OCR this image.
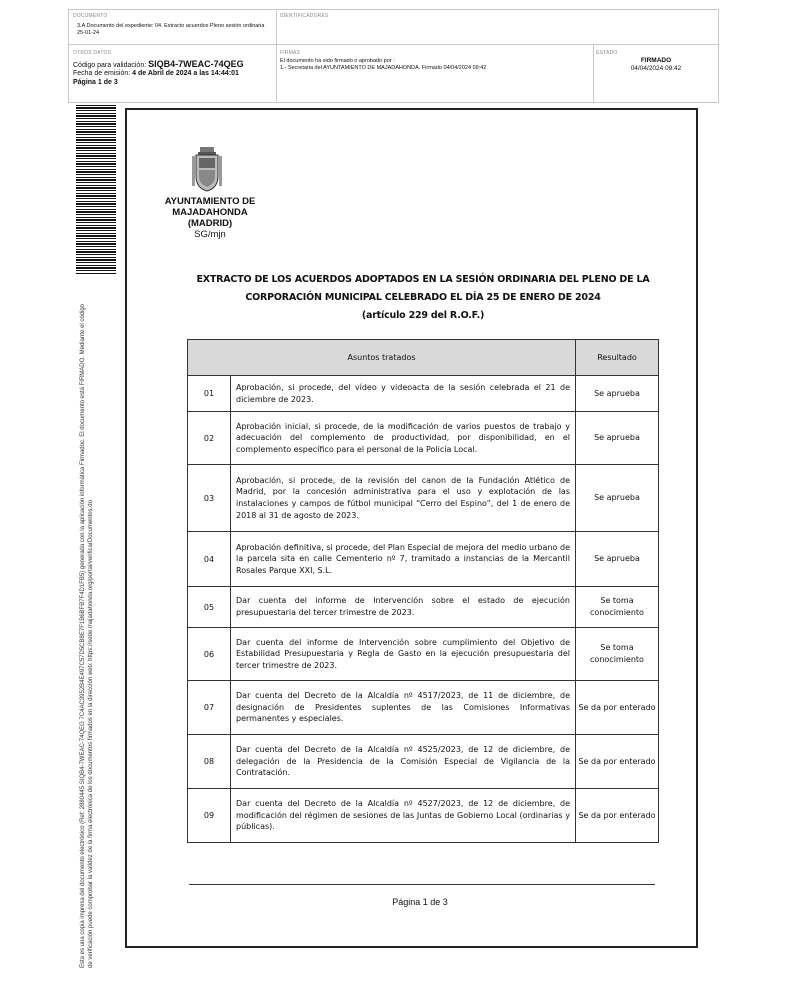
DOCUMENTO
3.A Documento del expediente: 04. Extracto acuerdos Pleno sesión ordinaria 25-01-24
IDENTIFICADORES
OTROS DATOS
Código para validación: SIQB4-7WEAC-74QEG
Fecha de emisión: 4 de Abril de 2024 a las 14:44:01
Página 1 de 3
FIRMAS
El documento ha sido firmado o aprobado por :
1.- Secretaria del AYUNTAMIENTO DE MAJADAHONDA. Firmado 04/04/2024 09:42
ESTADO
FIRMADO
04/04/2024 09:42
Esta es una copia impresa del documento electrónico (Ref: 2880445 SIQB4-7WEAC-74QEG 7C4AC3952B4E497C57D5CB8E7F1B6BFB7F4D1FB5) generada con la aplicación informática Firmadoc. El documento está FIRMADO. Mediante el código de verificación puede comprobar la validez de la firma electrónica de los documentos firmados en la dirección web: https://sede.majadahonda.org/portal/verificarDocumentos.do
AYUNTAMIENTO DE
MAJADAHONDA
(MADRID)
SG/mjn
EXTRACTO DE LOS ACUERDOS ADOPTADOS EN LA SESIÓN ORDINARIA DEL PLENO DE LA
CORPORACIÓN MUNICIPAL CELEBRADO EL DÍA 25 DE ENERO DE 2024
(artículo 229 del R.O.F.)
Asuntos tratados		Resultado
01	Aprobación, si procede, del vídeo y videoacta de la sesión celebrada el 21 de diciembre de 2023.	Se aprueba
02	Aprobación inicial, si procede, de la modificación de varios puestos de trabajo y adecuación del complemento de productividad, por disponibilidad, en el complemento específico para el personal de la Policía Local.	Se aprueba
03	Aprobación, si procede, de la revisión del canon de la Fundación Atlético de Madrid, por la concesión administrativa para el uso y explotación de las instalaciones y campos de fútbol municipal “Cerro del Espino”, del 1 de enero de 2018 al 31 de agosto de 2023.	Se aprueba
04	Aprobación definitiva, si procede, del Plan Especial de mejora del medio urbano de la parcela sita en calle Cementerio nº 7, tramitado a instancias de la Mercantil Rosales Parque XXI, S.L.	Se aprueba
05	Dar cuenta del informe de Intervención sobre el estado de ejecución presupuestaria del tercer trimestre de 2023.	Se toma conocimiento
06	Dar cuenta del informe de Intervención sobre cumplimiento del Objetivo de Estabilidad Presupuestaria y Regla de Gasto en la ejecución presupuestaria del tercer trimestre de 2023.	Se toma conocimiento
07	Dar cuenta del Decreto de la Alcaldía nº 4517/2023, de 11 de diciembre, de designación de Presidentes suplentes de las Comisiones Informativas permanentes y especiales.	Se da por enterado
08	Dar cuenta del Decreto de la Alcaldía nº 4525/2023, de 12 de diciembre, de delegación de la Presidencia de la Comisión Especial de Vigilancia de la Contratación.	Se da por enterado
09	Dar cuenta del Decreto de la Alcaldía nº 4527/2023, de 12 de diciembre, de modificación del régimen de sesiones de las Juntas de Gobierno Local (ordinarias y públicas).	Se da por enterado
Página 1 de 3
